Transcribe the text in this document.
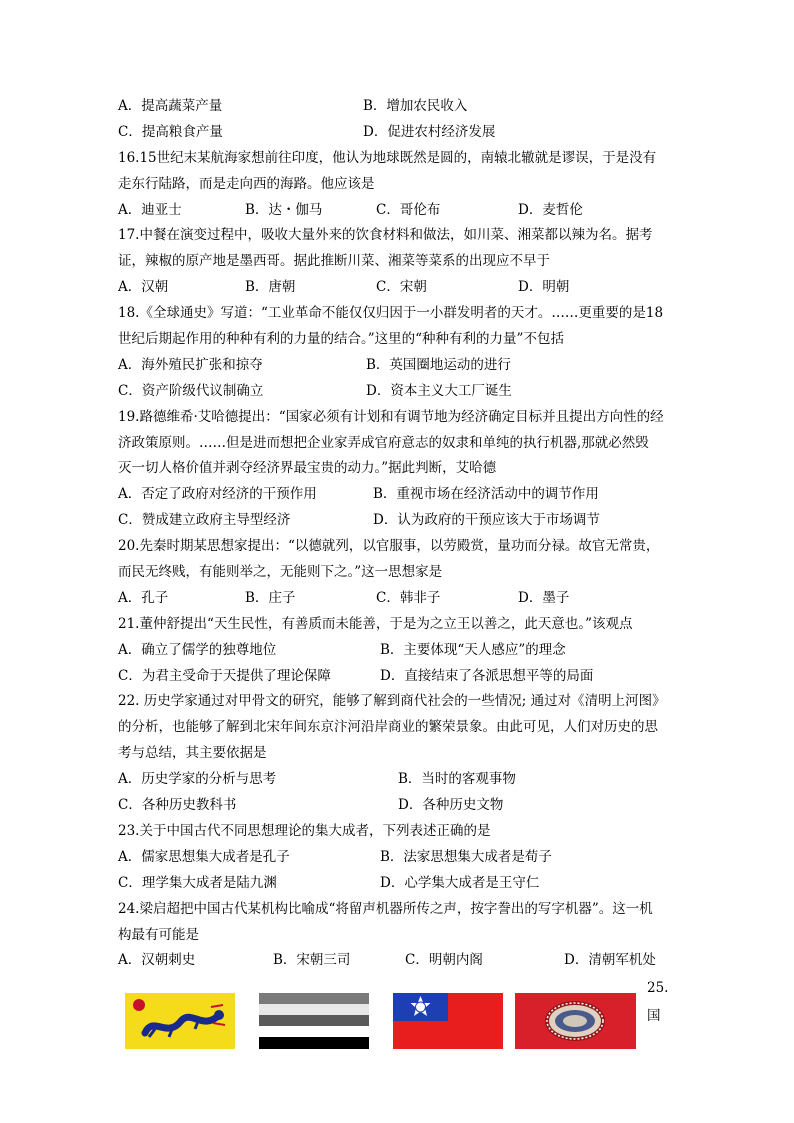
A．提高蔬菜产量	B．增加农民收入
C．提高粮食产量	D．促进农村经济发展
16.15世纪末某航海家想前往印度，他认为地球既然是圆的，南辕北辙就是谬误，于是没有
走东行陆路，而是走向西的海路。他应该是
A．迪亚士	B．达・伽马	C．哥伦布	D．麦哲伦
17.中餐在演变过程中，吸收大量外来的饮食材料和做法，如川菜、湘菜都以辣为名。据考
证，辣椒的原产地是墨西哥。据此推断川菜、湘菜等菜系的出现应不早于
A．汉朝	B．唐朝	C．宋朝	D．明朝
18.《全球通史》写道：“工业革命不能仅仅归因于一小群发明者的天才。……更重要的是18
世纪后期起作用的种种有利的力量的结合。”这里的“种种有利的力量”不包括
A．海外殖民扩张和掠夺	B．英国圈地运动的进行
C．资产阶级代议制确立	D．资本主义大工厂诞生
19.路德维希·艾哈德提出：“国家必须有计划和有调节地为经济确定目标并且提出方向性的经
济政策原则。……但是进而想把企业家弄成官府意志的奴隶和单纯的执行机器,那就必然毁
灭一切人格价值并剥夺经济界最宝贵的动力。”据此判断，艾哈德
A．否定了政府对经济的干预作用	B．重视市场在经济活动中的调节作用
C．赞成建立政府主导型经济	D．认为政府的干预应该大于市场调节
20.先秦时期某思想家提出：“以德就列，以官服事，以劳殿赏，量功而分禄。故官无常贵，
而民无终贱，有能则举之，无能则下之。”这一思想家是
A．孔子	B．庄子	C．韩非子	D．墨子
21.董仲舒提出“天生民性，有善质而未能善，于是为之立王以善之，此天意也。”该观点
A．确立了儒学的独尊地位	B．主要体现“天人感应”的理念
C．为君主受命于天提供了理论保障	D．直接结束了各派思想平等的局面
22. 历史学家通过对甲骨文的研究，能够了解到商代社会的一些情况; 通过对《清明上河图》
的分析，也能够了解到北宋年间东京汴河沿岸商业的繁荣景象。由此可见，人们对历史的思
考与总结，其主要依据是
A．历史学家的分析与思考	B．当时的客观事物
C．各种历史教科书	D．各种历史文物
23.关于中国古代不同思想理论的集大成者，下列表述正确的是
A．儒家思想集大成者是孔子	B．法家思想集大成者是荀子
C．理学集大成者是陆九渊	D．心学集大成者是王守仁
24.梁启超把中国古代某机构比喻成“将留声机器所传之声，按字誊出的写字机器”。这一机
构最有可能是
A．汉朝刺史	B．宋朝三司	C．明朝内阁	D．清朝军机处
25.
国
